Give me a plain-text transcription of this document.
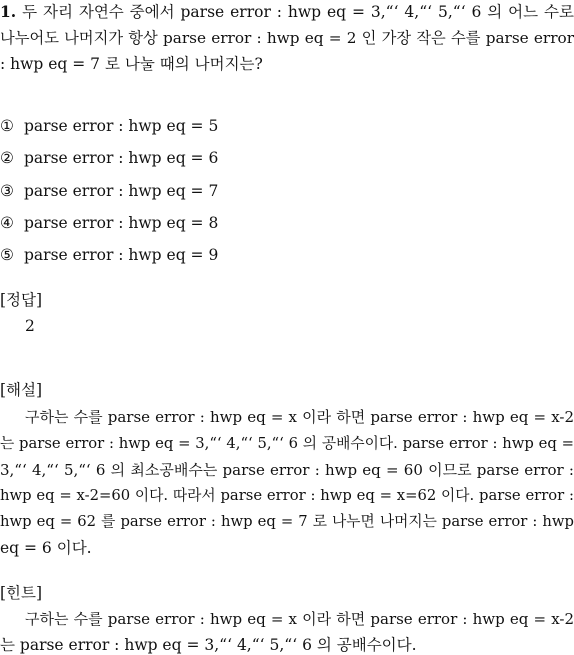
1. 두 자리 자연수 중에서 parse error : hwp eq = 3,“‘ 4,“‘ 5,“‘ 6 의 어느 수로
나누어도 나머지가 항상 parse error : hwp eq = 2 인 가장 작은 수를 parse error
: hwp eq = 7 로 나눌 때의 나머지는?
① parse error : hwp eq = 5
② parse error : hwp eq = 6
③ parse error : hwp eq = 7
④ parse error : hwp eq = 8
⑤ parse error : hwp eq = 9
[정답]
2
[해설]
구하는 수를 parse error : hwp eq = x 이라 하면 parse error : hwp eq = x-2
는 parse error : hwp eq = 3,“‘ 4,“‘ 5,“‘ 6 의 공배수이다. parse error : hwp eq =
3,“‘ 4,“‘ 5,“‘ 6 의 최소공배수는 parse error : hwp eq = 60 이므로 parse error :
hwp eq = x-2=60 이다. 따라서 parse error : hwp eq = x=62 이다. parse error :
hwp eq = 62 를 parse error : hwp eq = 7 로 나누면 나머지는 parse error : hwp
eq = 6 이다.
[힌트]
구하는 수를 parse error : hwp eq = x 이라 하면 parse error : hwp eq = x-2
는 parse error : hwp eq = 3,“‘ 4,“‘ 5,“‘ 6 의 공배수이다.
